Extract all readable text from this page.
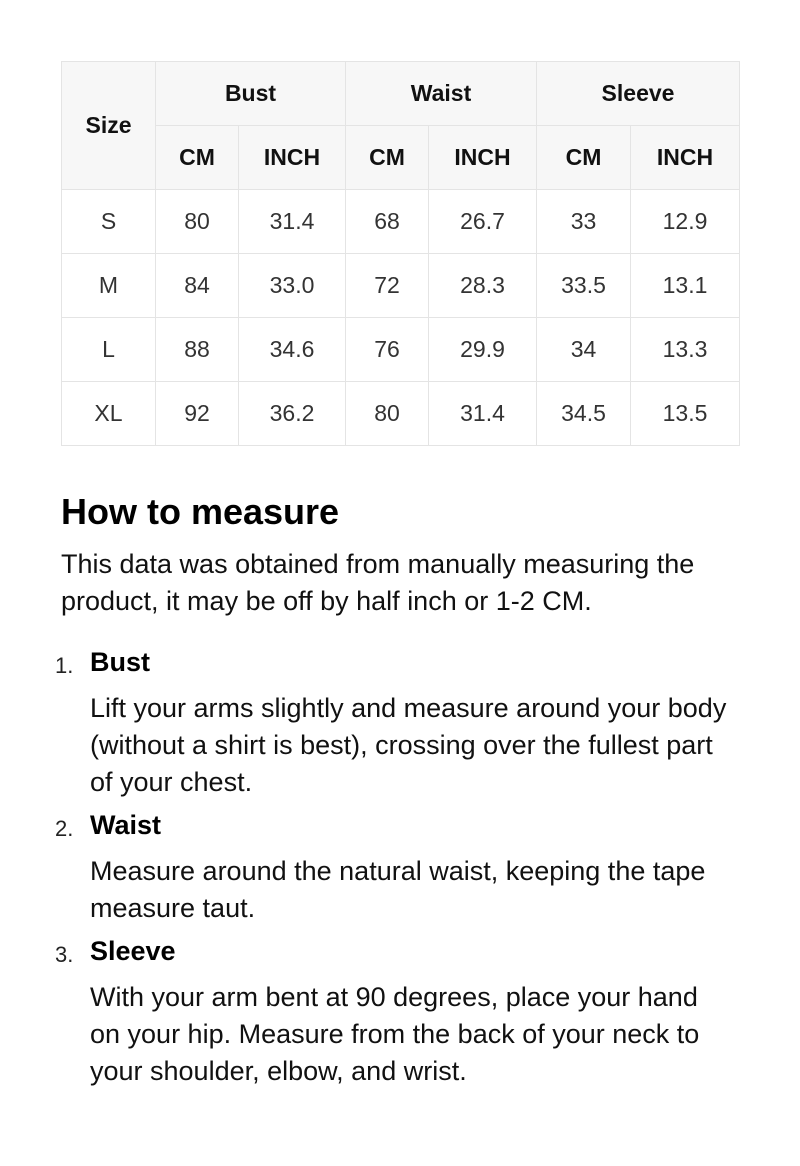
Size	Bust		Waist		Sleeve	
	CM	INCH	CM	INCH	CM	INCH
S	80	31.4	68	26.7	33	12.9
M	84	33.0	72	28.3	33.5	13.1
L	88	34.6	76	29.9	34	13.3
XL	92	36.2	80	31.4	34.5	13.5
How to measure

This data was obtained from manually measuring the product, it may be off by half inch or 1-2 CM.

1. Bust
Lift your arms slightly and measure around your body (without a shirt is best), crossing over the fullest part of your chest.
2. Waist
Measure around the natural waist, keeping the tape measure taut.
3. Sleeve
With your arm bent at 90 degrees, place your hand on your hip. Measure from the back of your neck to your shoulder, elbow, and wrist.
